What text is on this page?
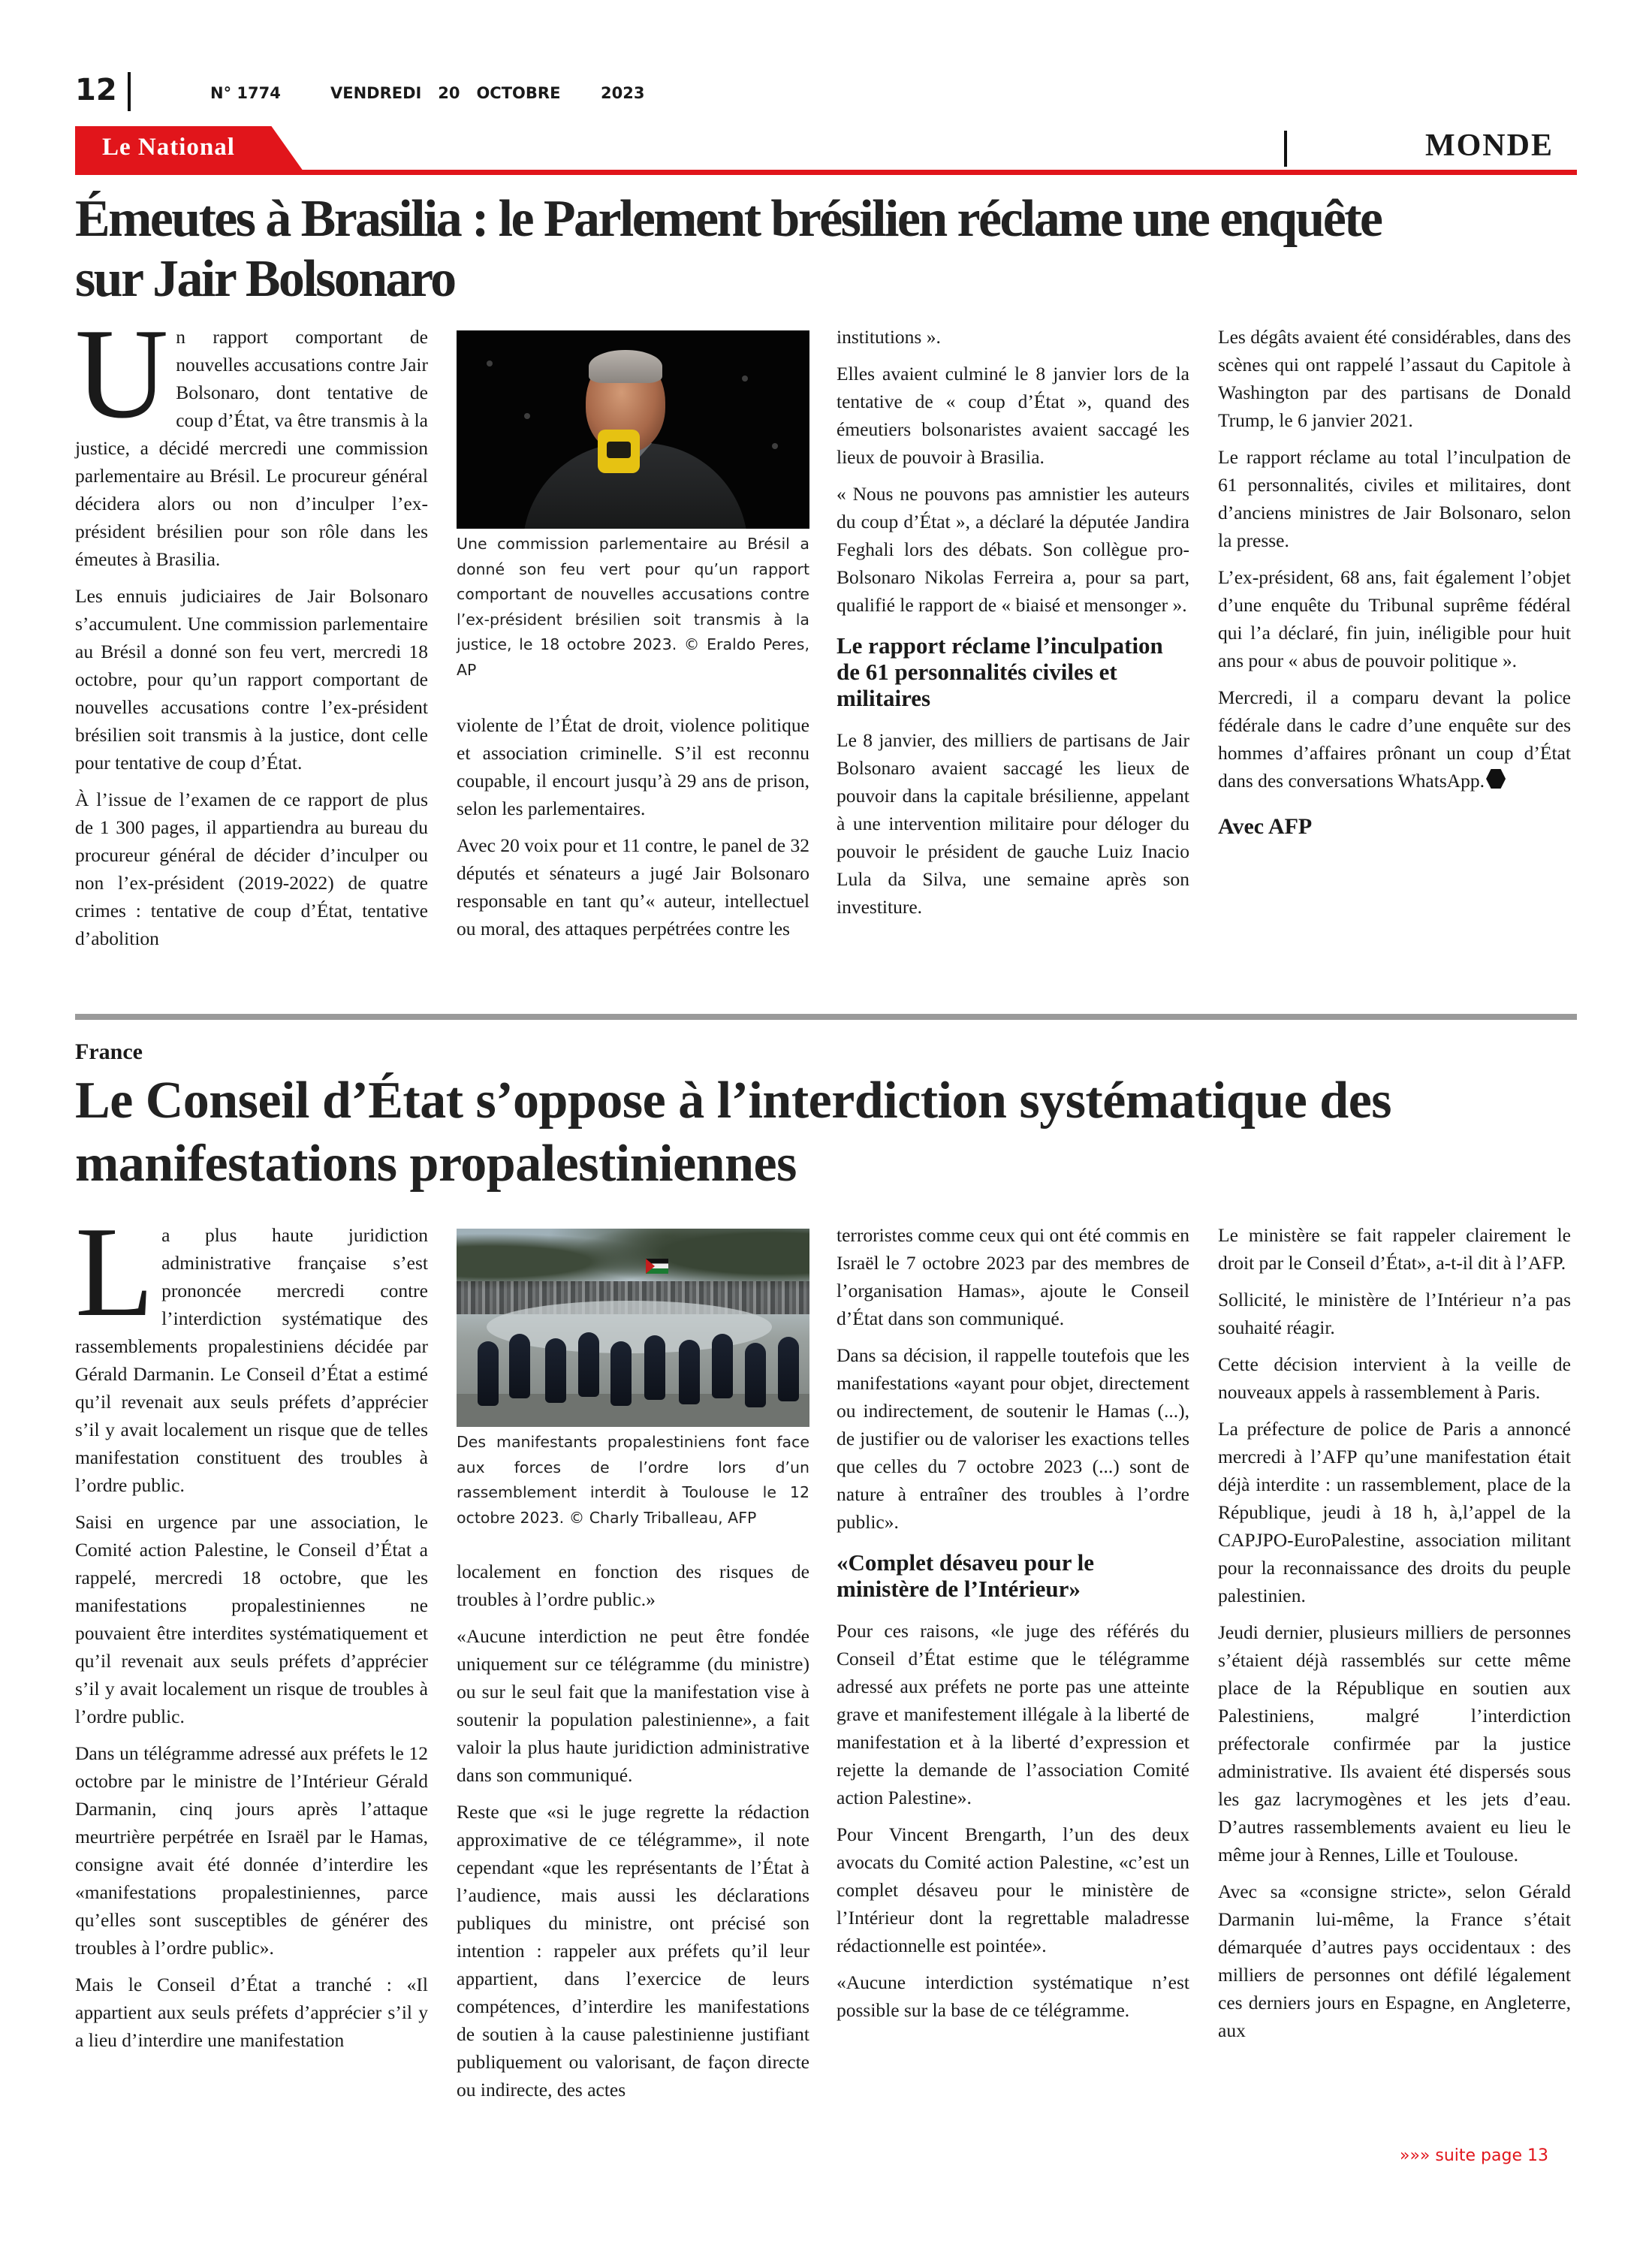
12	N° 1774	VENDREDI   20   OCTOBRE	2023
Le National	MONDE
Émeutes à Brasilia : le Parlement brésilien réclame une enquête
sur Jair Bolsonaro

Un rapport comportant de nouvelles accusations contre Jair Bolsonaro, dont tentative de coup d’État, va être transmis à la justice, a décidé mercredi une commission parlementaire au Brésil. Le procureur général décidera alors ou non d’inculper l’ex-président brésilien pour son rôle dans les émeutes à Brasilia.

Les ennuis judiciaires de Jair Bolsonaro s’accumulent. Une commission parlementaire au Brésil a donné son feu vert, mercredi 18 octobre, pour qu’un rapport comportant de nouvelles accusations contre l’ex-président brésilien soit transmis à la justice, dont celle pour tentative de coup d’État.

À l’issue de l’examen de ce rapport de plus de 1 300 pages, il appartiendra au bureau du procureur général de décider d’inculper ou non l’ex-président (2019-2022) de quatre crimes : tentative de coup d’État, tentative d’abolition

Une commission parlementaire au Brésil a donné son feu vert pour qu’un rapport comportant de nouvelles accusations contre l’ex-président brésilien soit transmis à la justice, le 18 octobre 2023. © Eraldo Peres, AP

violente de l’État de droit, violence politique et association criminelle. S’il est reconnu coupable, il encourt jusqu’à 29 ans de prison, selon les parlementaires.

Avec 20 voix pour et 11 contre, le panel de 32 députés et sénateurs a jugé Jair Bolsonaro responsable en tant qu’« auteur, intellectuel ou moral, des attaques perpétrées contre les

institutions ».

Elles avaient culminé le 8 janvier lors de la tentative de « coup d’État », quand des émeutiers bolsonaristes avaient saccagé les lieux de pouvoir à Brasilia.

« Nous ne pouvons pas amnistier les auteurs du coup d’État », a déclaré la députée Jandira Feghali lors des débats. Son collègue pro-Bolsonaro Nikolas Ferreira a, pour sa part, qualifié le rapport de « biaisé et mensonger ».

Le rapport réclame l’inculpation de 61 personnalités civiles et militaires

Le 8 janvier, des milliers de partisans de Jair Bolsonaro avaient saccagé les lieux de pouvoir dans la capitale brésilienne, appelant à une intervention militaire pour déloger du pouvoir le président de gauche Luiz Inacio Lula da Silva, une semaine après son investiture.

Les dégâts avaient été considérables, dans des scènes qui ont rappelé l’assaut du Capitole à Washington par des partisans de Donald Trump, le 6 janvier 2021.

Le rapport réclame au total l’inculpation de 61 personnalités, civiles et militaires, dont d’anciens ministres de Jair Bolsonaro, selon la presse.

L’ex-président, 68 ans, fait également l’objet d’une enquête du Tribunal suprême fédéral qui l’a déclaré, fin juin, inéligible pour huit ans pour « abus de pouvoir politique ».

Mercredi, il a comparu devant la police fédérale dans le cadre d’une enquête sur des hommes d’affaires prônant un coup d’État dans des conversations WhatsApp.

Avec AFP
France
Le Conseil d’État s’oppose à l’interdiction systématique des
manifestations propalestiniennes

La plus haute juridiction administrative française s’est prononcée mercredi contre l’interdiction systématique des rassemblements propalestiniens décidée par Gérald Darmanin. Le Conseil d’État a estimé qu’il revenait aux seuls préfets d’apprécier s’il y avait localement un risque que de telles manifestation constituent des troubles à l’ordre public.

Saisi en urgence par une association, le Comité action Palestine, le Conseil d’État a rappelé, mercredi 18 octobre, que les manifestations propalestiniennes ne pouvaient être interdites systématiquement et qu’il revenait aux seuls préfets d’apprécier s’il y avait localement un risque de troubles à l’ordre public.

Dans un télégramme adressé aux préfets le 12 octobre par le ministre de l’Intérieur Gérald Darmanin, cinq jours après l’attaque meurtrière perpétrée en Israël par le Hamas, consigne avait été donnée d’interdire les «manifestations propalestiniennes, parce qu’elles sont susceptibles de générer des troubles à l’ordre public».

Mais le Conseil d’État a tranché : «Il appartient aux seuls préfets d’apprécier s’il y a lieu d’interdire une manifestation

Des manifestants propalestiniens font face aux forces de l’ordre lors d’un rassemblement interdit à Toulouse le 12 octobre 2023. © Charly Triballeau, AFP

localement en fonction des risques de troubles à l’ordre public.»

«Aucune interdiction ne peut être fondée uniquement sur ce télégramme (du ministre) ou sur le seul fait que la manifestation vise à soutenir la population palestinienne», a fait valoir la plus haute juridiction administrative dans son communiqué.

Reste que «si le juge regrette la rédaction approximative de ce télégramme», il note cependant «que les représentants de l’État à l’audience, mais aussi les déclarations publiques du ministre, ont précisé son intention : rappeler aux préfets qu’il leur appartient, dans l’exercice de leurs compétences, d’interdire les manifestations de soutien à la cause palestinienne justifiant publiquement ou valorisant, de façon directe ou indirecte, des actes

terroristes comme ceux qui ont été commis en Israël le 7 octobre 2023 par des membres de l’organisation Hamas», ajoute le Conseil d’État dans son communiqué.

Dans sa décision, il rappelle toutefois que les manifestations «ayant pour objet, directement ou indirectement, de soutenir le Hamas (...), de justifier ou de valoriser les exactions telles que celles du 7 octobre 2023 (...) sont de nature à entraîner des troubles à l’ordre public».

«Complet désaveu pour le ministère de l’Intérieur»

Pour ces raisons, «le juge des référés du Conseil d’État estime que le télégramme adressé aux préfets ne porte pas une atteinte grave et manifestement illégale à la liberté de manifestation et à la liberté d’expression et rejette la demande de l’association Comité action Palestine».

Pour Vincent Brengarth, l’un des deux avocats du Comité action Palestine, «c’est un complet désaveu pour le ministère de l’Intérieur dont la regrettable maladresse rédactionnelle est pointée».

«Aucune interdiction systématique n’est possible sur la base de ce télégramme.

Le ministère se fait rappeler clairement le droit par le Conseil d’État», a-t-il dit à l’AFP.

Sollicité, le ministère de l’Intérieur n’a pas souhaité réagir.

Cette décision intervient à la veille de nouveaux appels à rassemblement à Paris.

La préfecture de police de Paris a annoncé mercredi à l’AFP qu’une manifestation était déjà interdite : un rassemblement, place de la République, jeudi à 18 h, à,l’appel de la CAPJPO-EuroPalestine, association militant pour la reconnaissance des droits du peuple palestinien.

Jeudi dernier, plusieurs milliers de personnes s’étaient déjà rassemblés sur cette même place de la République en soutien aux Palestiniens, malgré l’interdiction préfectorale confirmée par la justice administrative. Ils avaient été dispersés sous les gaz lacrymogènes et les jets d’eau. D’autres rassemblements avaient eu lieu le même jour à Rennes, Lille et Toulouse.

Avec sa «consigne stricte», selon Gérald Darmanin lui-même, la France s’était démarquée d’autres pays occidentaux : des milliers de personnes ont défilé légalement ces derniers jours en Espagne, en Angleterre, aux

»»» suite page 13
